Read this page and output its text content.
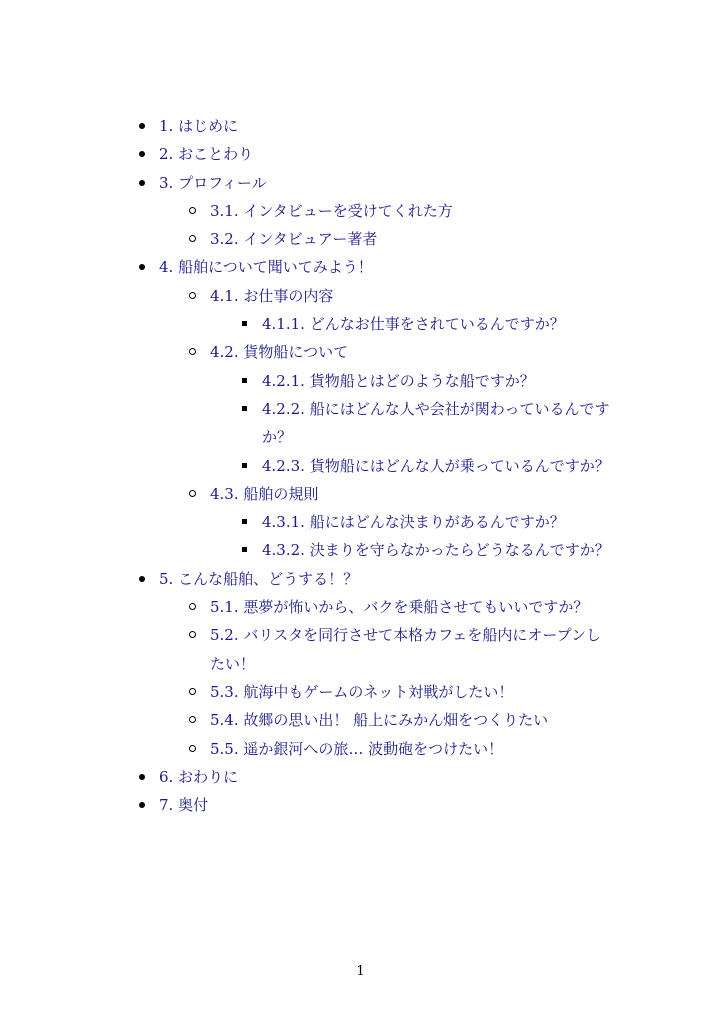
1. はじめに
2. おことわり
3. プロフィール
3.1. インタビューを受けてくれた方
3.2. インタビュアー著者
4. 船舶について聞いてみよう！
4.1. お仕事の内容
4.1.1. どんなお仕事をされているんですか？
4.2. 貨物船について
4.2.1. 貨物船とはどのような船ですか？
4.2.2. 船にはどんな人や会社が関わっているんですか？
4.2.3. 貨物船にはどんな人が乗っているんですか？
4.3. 船舶の規則
4.3.1. 船にはどんな決まりがあるんですか？
4.3.2. 決まりを守らなかったらどうなるんですか？
5. こんな船舶、どうする！？
5.1. 悪夢が怖いから、バクを乗船させてもいいですか？
5.2. バリスタを同行させて本格カフェを船内にオープンしたい！
5.3. 航海中もゲームのネット対戦がしたい！
5.4. 故郷の思い出！ 船上にみかん畑をつくりたい
5.5. 遥か銀河への旅… 波動砲をつけたい！
6. おわりに
7. 奥付
1
